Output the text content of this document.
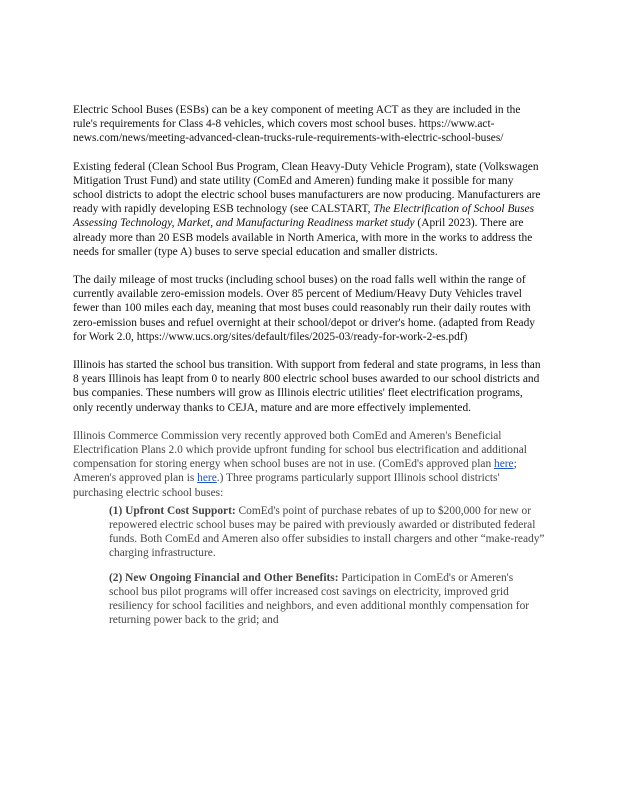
Electric School Buses (ESBs) can be a key component of meeting ACT as they are included in the rule's requirements for Class 4-8 vehicles, which covers most school buses. https://www.act-news.com/news/meeting-advanced-clean-trucks-rule-requirements-with-electric-school-buses/

Existing federal (Clean School Bus Program, Clean Heavy-Duty Vehicle Program), state (Volkswagen Mitigation Trust Fund) and state utility (ComEd and Ameren) funding make it possible for many school districts to adopt the electric school buses manufacturers are now producing. Manufacturers are ready with rapidly developing ESB technology (see CALSTART, The Electrification of School Buses Assessing Technology, Market, and Manufacturing Readiness market study (April 2023). There are already more than 20 ESB models available in North America, with more in the works to address the needs for smaller (type A) buses to serve special education and smaller districts.

The daily mileage of most trucks (including school buses) on the road falls well within the range of currently available zero-emission models. Over 85 percent of Medium/Heavy Duty Vehicles travel fewer than 100 miles each day, meaning that most buses could reasonably run their daily routes with zero-emission buses and refuel overnight at their school/depot or driver's home. (adapted from Ready for Work 2.0, https://www.ucs.org/sites/default/files/2025-03/ready-for-work-2-es.pdf)

Illinois has started the school bus transition. With support from federal and state programs, in less than 8 years Illinois has leapt from 0 to nearly 800 electric school buses awarded to our school districts and bus companies. These numbers will grow as Illinois electric utilities' fleet electrification programs, only recently underway thanks to CEJA, mature and are more effectively implemented.

Illinois Commerce Commission very recently approved both ComEd and Ameren's Beneficial Electrification Plans 2.0 which provide upfront funding for school bus electrification and additional compensation for storing energy when school buses are not in use. (ComEd's approved plan here; Ameren's approved plan is here.) Three programs particularly support Illinois school districts' purchasing electric school buses:

(1) Upfront Cost Support: ComEd's point of purchase rebates of up to $200,000 for new or repowered electric school buses may be paired with previously awarded or distributed federal funds. Both ComEd and Ameren also offer subsidies to install chargers and other “make-ready” charging infrastructure.

(2) New Ongoing Financial and Other Benefits: Participation in ComEd's or Ameren's school bus pilot programs will offer increased cost savings on electricity, improved grid resiliency for school facilities and neighbors, and even additional monthly compensation for returning power back to the grid; and
